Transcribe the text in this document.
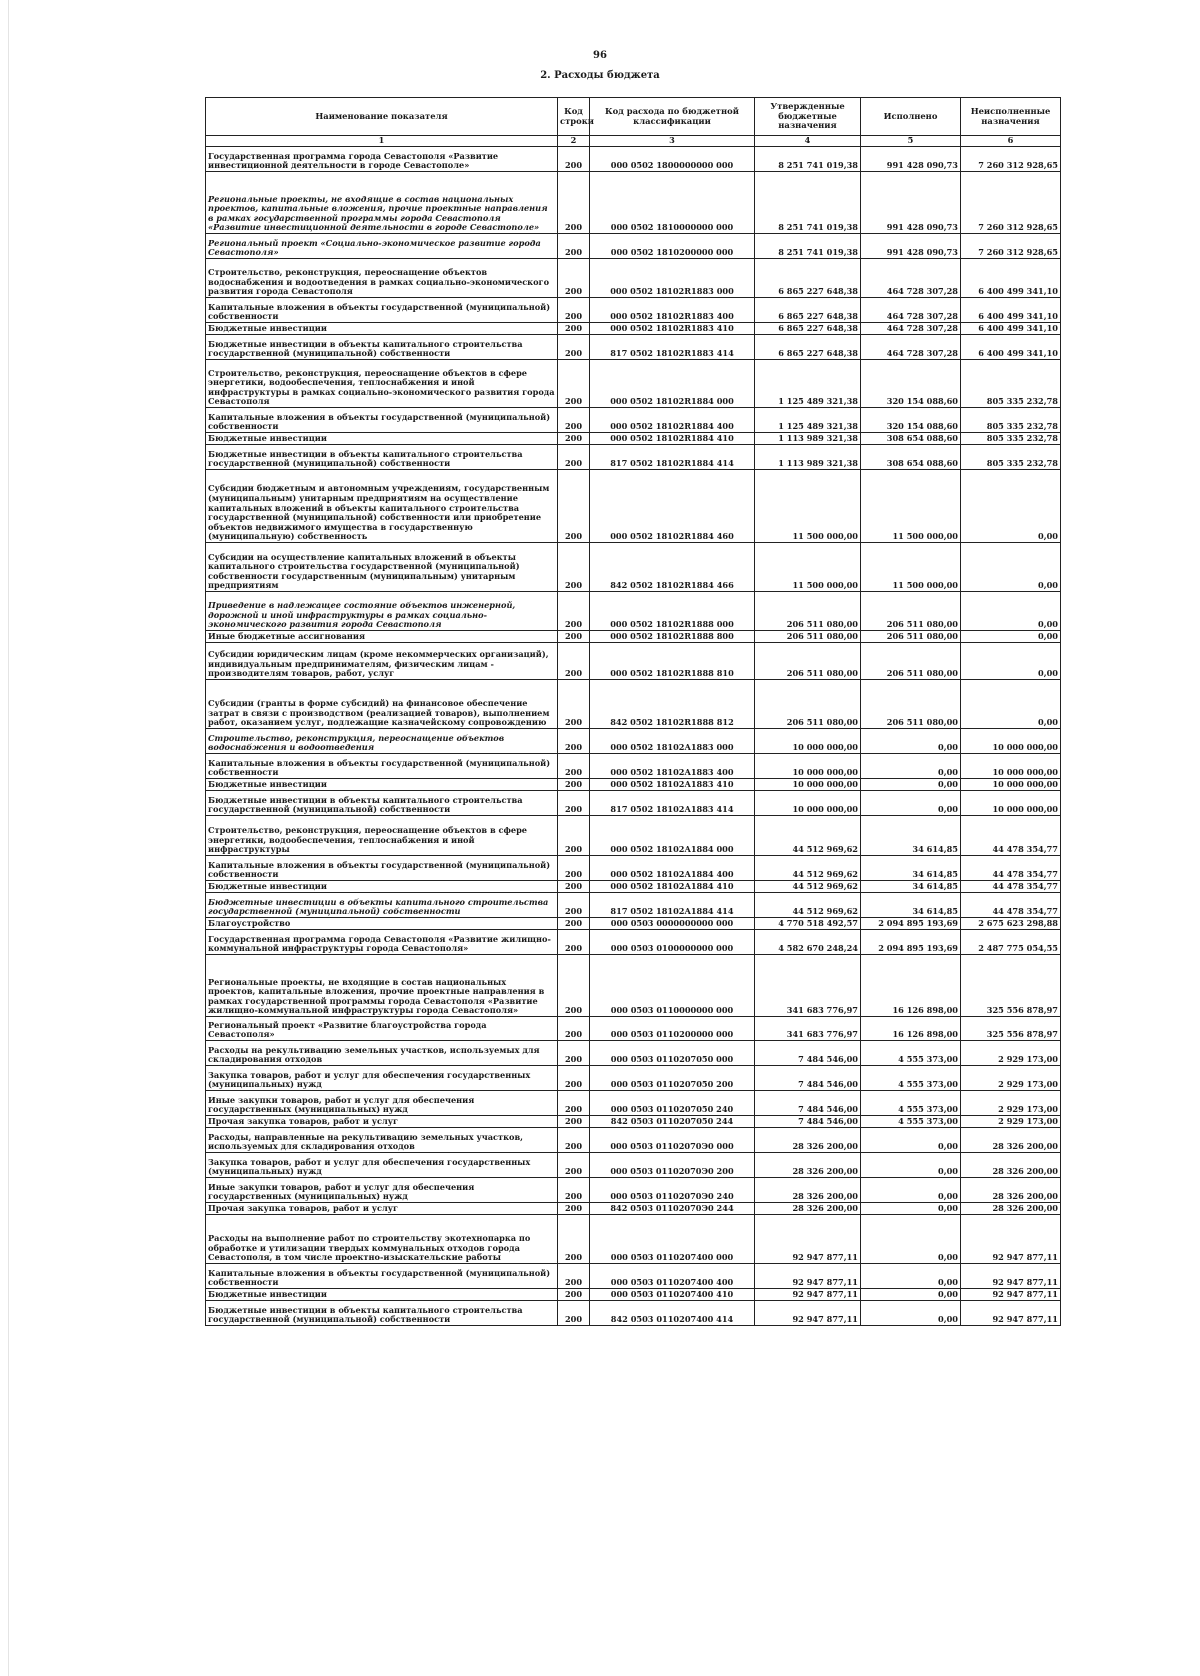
96
2. Расходы бюджета
Наименование показателя	Код строки	Код расхода по бюджетной классификации	Утвержденные бюджетные назначения	Исполнено	Неисполненные назначения
1	2	3	4	5	6
Государственная программа города Севастополя «Развитие инвестиционной деятельности в городе Севастополе»	200	000 0502 1800000000 000	8 251 741 019,38	991 428 090,73	7 260 312 928,65
Региональные проекты, не входящие в состав национальных проектов, капитальные вложения, прочие проектные направления в рамках государственной программы города Севастополя «Развитие инвестиционной деятельности в городе Севастополе»	200	000 0502 1810000000 000	8 251 741 019,38	991 428 090,73	7 260 312 928,65
Региональный проект «Социально-экономическое развитие города Севастополя»	200	000 0502 1810200000 000	8 251 741 019,38	991 428 090,73	7 260 312 928,65
Строительство, реконструкция, переоснащение объектов водоснабжения и водоотведения в рамках социально-экономического развития города Севастополя	200	000 0502 18102R1883 000	6 865 227 648,38	464 728 307,28	6 400 499 341,10
Капитальные вложения в объекты государственной (муниципальной) собственности	200	000 0502 18102R1883 400	6 865 227 648,38	464 728 307,28	6 400 499 341,10
Бюджетные инвестиции	200	000 0502 18102R1883 410	6 865 227 648,38	464 728 307,28	6 400 499 341,10
Бюджетные инвестиции в объекты капитального строительства государственной (муниципальной) собственности	200	817 0502 18102R1883 414	6 865 227 648,38	464 728 307,28	6 400 499 341,10
Строительство, реконструкция, переоснащение объектов в сфере энергетики, водообеспечения, теплоснабжения и иной инфраструктуры в рамках социально-экономического развития города Севастополя	200	000 0502 18102R1884 000	1 125 489 321,38	320 154 088,60	805 335 232,78
Капитальные вложения в объекты государственной (муниципальной) собственности	200	000 0502 18102R1884 400	1 125 489 321,38	320 154 088,60	805 335 232,78
Бюджетные инвестиции	200	000 0502 18102R1884 410	1 113 989 321,38	308 654 088,60	805 335 232,78
Бюджетные инвестиции в объекты капитального строительства государственной (муниципальной) собственности	200	817 0502 18102R1884 414	1 113 989 321,38	308 654 088,60	805 335 232,78
Субсидии бюджетным и автономным учреждениям, государственным (муниципальным) унитарным предприятиям на осуществление капитальных вложений в объекты капитального строительства государственной (муниципальной) собственности или приобретение объектов недвижимого имущества в государственную (муниципальную) собственность	200	000 0502 18102R1884 460	11 500 000,00	11 500 000,00	0,00
Субсидии на осуществление капитальных вложений в объекты капитального строительства государственной (муниципальной) собственности государственным (муниципальным) унитарным предприятиям	200	842 0502 18102R1884 466	11 500 000,00	11 500 000,00	0,00
Приведение в надлежащее состояние объектов инженерной, дорожной и иной инфраструктуры в рамках социально-экономического развития города Севастополя	200	000 0502 18102R1888 000	206 511 080,00	206 511 080,00	0,00
Иные бюджетные ассигнования	200	000 0502 18102R1888 800	206 511 080,00	206 511 080,00	0,00
Субсидии юридическим лицам (кроме некоммерческих организаций), индивидуальным предпринимателям, физическим лицам - производителям товаров, работ, услуг	200	000 0502 18102R1888 810	206 511 080,00	206 511 080,00	0,00
Субсидии (гранты в форме субсидий) на финансовое обеспечение затрат в связи с производством (реализацией товаров), выполнением работ, оказанием услуг, подлежащие казначейскому сопровождению	200	842 0502 18102R1888 812	206 511 080,00	206 511 080,00	0,00
Строительство, реконструкция, переоснащение объектов водоснабжения и водоотведения	200	000 0502 18102A1883 000	10 000 000,00	0,00	10 000 000,00
Капитальные вложения в объекты государственной (муниципальной) собственности	200	000 0502 18102A1883 400	10 000 000,00	0,00	10 000 000,00
Бюджетные инвестиции	200	000 0502 18102A1883 410	10 000 000,00	0,00	10 000 000,00
Бюджетные инвестиции в объекты капитального строительства государственной (муниципальной) собственности	200	817 0502 18102A1883 414	10 000 000,00	0,00	10 000 000,00
Строительство, реконструкция, переоснащение объектов в сфере энергетики, водообеспечения, теплоснабжения и иной инфраструктуры	200	000 0502 18102A1884 000	44 512 969,62	34 614,85	44 478 354,77
Капитальные вложения в объекты государственной (муниципальной) собственности	200	000 0502 18102A1884 400	44 512 969,62	34 614,85	44 478 354,77
Бюджетные инвестиции	200	000 0502 18102A1884 410	44 512 969,62	34 614,85	44 478 354,77
Бюджетные инвестиции в объекты капитального строительства государственной (муниципальной) собственности	200	817 0502 18102A1884 414	44 512 969,62	34 614,85	44 478 354,77
Благоустройство	200	000 0503 0000000000 000	4 770 518 492,57	2 094 895 193,69	2 675 623 298,88
Государственная программа города Севастополя «Развитие жилищно-коммунальной инфраструктуры города Севастополя»	200	000 0503 0100000000 000	4 582 670 248,24	2 094 895 193,69	2 487 775 054,55
Региональные проекты, не входящие в состав национальных проектов, капитальные вложения, прочие проектные направления в рамках государственной программы города Севастополя «Развитие жилищно-коммунальной инфраструктуры города Севастополя»	200	000 0503 0110000000 000	341 683 776,97	16 126 898,00	325 556 878,97
Региональный проект «Развитие благоустройства города Севастополя»	200	000 0503 0110200000 000	341 683 776,97	16 126 898,00	325 556 878,97
Расходы на рекультивацию земельных участков, используемых для складирования отходов	200	000 0503 0110207050 000	7 484 546,00	4 555 373,00	2 929 173,00
Закупка товаров, работ и услуг для обеспечения государственных (муниципальных) нужд	200	000 0503 0110207050 200	7 484 546,00	4 555 373,00	2 929 173,00
Иные закупки товаров, работ и услуг для обеспечения государственных (муниципальных) нужд	200	000 0503 0110207050 240	7 484 546,00	4 555 373,00	2 929 173,00
Прочая закупка товаров, работ и услуг	200	842 0503 0110207050 244	7 484 546,00	4 555 373,00	2 929 173,00
Расходы, направленные на рекультивацию земельных участков, используемых для складирования отходов	200	000 0503 01102070Э0 000	28 326 200,00	0,00	28 326 200,00
Закупка товаров, работ и услуг для обеспечения государственных (муниципальных) нужд	200	000 0503 01102070Э0 200	28 326 200,00	0,00	28 326 200,00
Иные закупки товаров, работ и услуг для обеспечения государственных (муниципальных) нужд	200	000 0503 01102070Э0 240	28 326 200,00	0,00	28 326 200,00
Прочая закупка товаров, работ и услуг	200	842 0503 01102070Э0 244	28 326 200,00	0,00	28 326 200,00
Расходы на выполнение работ по строительству экотехнопарка по обработке и утилизации твердых коммунальных отходов города Севастополя, в том числе проектно-изыскательские работы	200	000 0503 0110207400 000	92 947 877,11	0,00	92 947 877,11
Капитальные вложения в объекты государственной (муниципальной) собственности	200	000 0503 0110207400 400	92 947 877,11	0,00	92 947 877,11
Бюджетные инвестиции	200	000 0503 0110207400 410	92 947 877,11	0,00	92 947 877,11
Бюджетные инвестиции в объекты капитального строительства государственной (муниципальной) собственности	200	842 0503 0110207400 414	92 947 877,11	0,00	92 947 877,11
